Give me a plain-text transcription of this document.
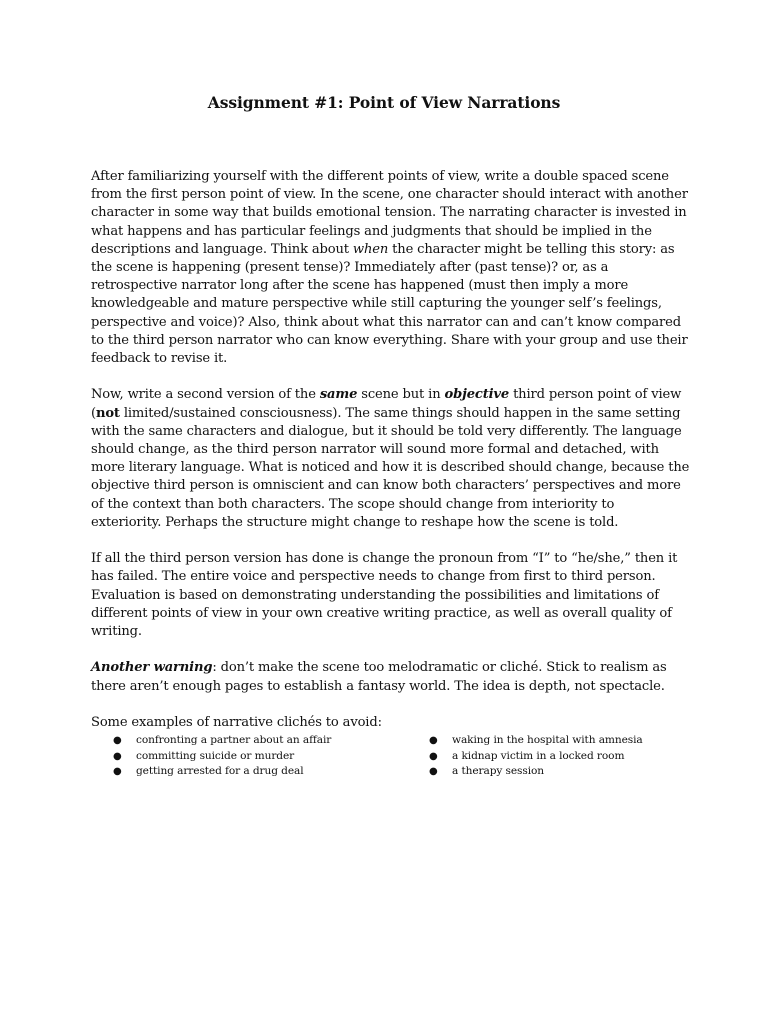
Assignment #1: Point of View Narrations

After familiarizing yourself with the different points of view, write a double spaced scene
from the first person point of view. In the scene, one character should interact with another
character in some way that builds emotional tension. The narrating character is invested in
what happens and has particular feelings and judgments that should be implied in the
descriptions and language. Think about when the character might be telling this story: as
the scene is happening (present tense)? Immediately after (past tense)? or, as a
retrospective narrator long after the scene has happened (must then imply a more
knowledgeable and mature perspective while still capturing the younger self’s feelings,
perspective and voice)? Also, think about what this narrator can and can’t know compared
to the third person narrator who can know everything. Share with your group and use their
feedback to revise it.

Now, write a second version of the same scene but in objective third person point of view
(not limited/sustained consciousness). The same things should happen in the same setting
with the same characters and dialogue, but it should be told very differently. The language
should change, as the third person narrator will sound more formal and detached, with
more literary language. What is noticed and how it is described should change, because the
objective third person is omniscient and can know both characters’ perspectives and more
of the context than both characters. The scope should change from interiority to
exteriority. Perhaps the structure might change to reshape how the scene is told.

If all the third person version has done is change the pronoun from “I” to “he/she,” then it
has failed. The entire voice and perspective needs to change from first to third person.
Evaluation is based on demonstrating understanding the possibilities and limitations of
different points of view in your own creative writing practice, as well as overall quality of
writing.

Another warning: don’t make the scene too melodramatic or cliché. Stick to realism as
there aren’t enough pages to establish a fantasy world. The idea is depth, not spectacle.

Some examples of narrative clichés to avoid:

● confronting a partner about an affair
● committing suicide or murder
● getting arrested for a drug deal
● waking in the hospital with amnesia
● a kidnap victim in a locked room
● a therapy session
